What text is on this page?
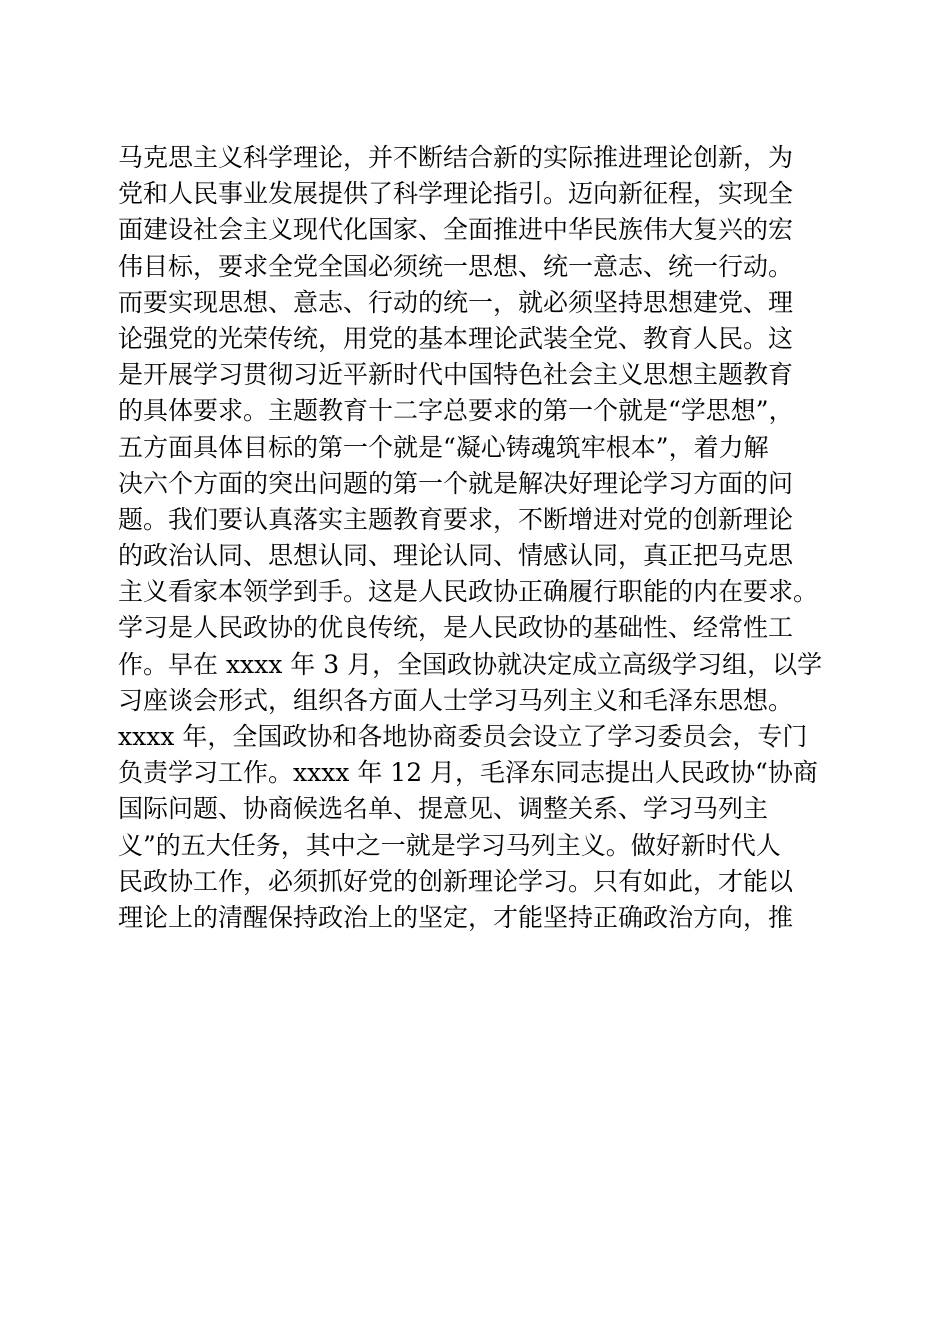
马克思主义科学理论，并不断结合新的实际推进理论创新，为
党和人民事业发展提供了科学理论指引。迈向新征程，实现全
面建设社会主义现代化国家、全面推进中华民族伟大复兴的宏
伟目标，要求全党全国必须统一思想、统一意志、统一行动。
而要实现思想、意志、行动的统一，就必须坚持思想建党、理
论强党的光荣传统，用党的基本理论武装全党、教育人民。这
是开展学习贯彻习近平新时代中国特色社会主义思想主题教育
的具体要求。主题教育十二字总要求的第一个就是“学思想”，
五方面具体目标的第一个就是“凝心铸魂筑牢根本”，着力解
决六个方面的突出问题的第一个就是解决好理论学习方面的问
题。我们要认真落实主题教育要求，不断增进对党的创新理论
的政治认同、思想认同、理论认同、情感认同，真正把马克思
主义看家本领学到手。这是人民政协正确履行职能的内在要求。
学习是人民政协的优良传统，是人民政协的基础性、经常性工
作。早在 xxxx 年 3 月，全国政协就决定成立高级学习组，以学
习座谈会形式，组织各方面人士学习马列主义和毛泽东思想。
xxxx 年，全国政协和各地协商委员会设立了学习委员会，专门
负责学习工作。xxxx 年 12 月，毛泽东同志提出人民政协“协商
国际问题、协商候选名单、提意见、调整关系、学习马列主
义”的五大任务，其中之一就是学习马列主义。做好新时代人
民政协工作，必须抓好党的创新理论学习。只有如此，才能以
理论上的清醒保持政治上的坚定，才能坚持正确政治方向，推
